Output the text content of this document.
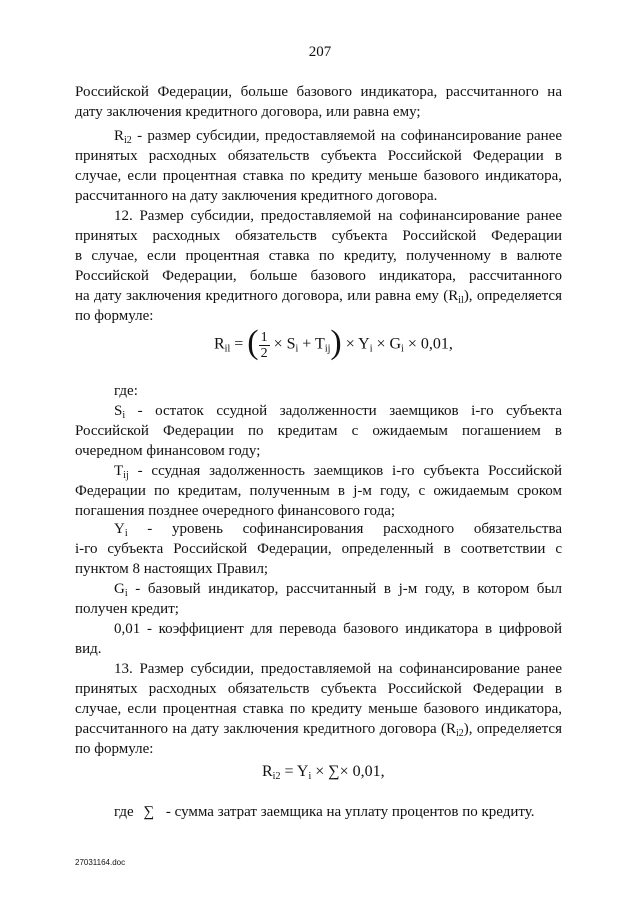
207
Российской Федерации, больше базового индикатора, рассчитанного на
дату заключения кредитного договора, или равна ему;
$R_{i2}$ - размер субсидии, предоставляемой на софинансирование ранее
принятых расходных обязательств субъекта Российской Федерации в
случае, если процентная ставка по кредиту меньше базового индикатора,
рассчитанного на дату заключения кредитного договора.
12. Размер субсидии, предоставляемой на софинансирование ранее
принятых расходных обязательств субъекта Российской Федерации
в случае, если процентная ставка по кредиту, полученному в валюте
Российской Федерации, больше базового индикатора, рассчитанного
на дату заключения кредитного договора, или равна ему $(R_{il})$, определяется
по формуле:
$R_{il}$ = ( $\frac{1}{2} \times S_i + T_{ij}) \times Y_i \times G_i \times 0,01$,
где:
$S_i$ - остаток ссудной задолженности заемщиков i-го субъекта
Российской Федерации по кредитам с ожидаемым погашением в
очередном финансовом году;
$T_{ij}$ - ссудная задолженность заемщиков i-го субъекта Российской
Федерации по кредитам, полученным в j-м году, с ожидаемым сроком
погашения позднее очередного финансового года;
$Y_i$ - уровень софинансирования расходного обязательства
i-го субъекта Российской Федерации, определенный в соответствии с
пунктом 8 настоящих Правил;
$G_i$ - базовый индикатор, рассчитанный в j-м году, в котором был
получен кредит;
0,01 - коэффициент для перевода базового индикатора в цифровой
вид.
13. Размер субсидии, предоставляемой на софинансирование ранее
принятых расходных обязательств субъекта Российской Федерации в
случае, если процентная ставка по кредиту меньше базового индикатора,
рассчитанного на дату заключения кредитного договора $(R_{i2})$, определяется
по формуле:
$R_{i2} = Y_i$ × ∑× 0,01,
где ∑ - сумма затрат заемщика на уплату процентов по кредиту.
27031164.doc
